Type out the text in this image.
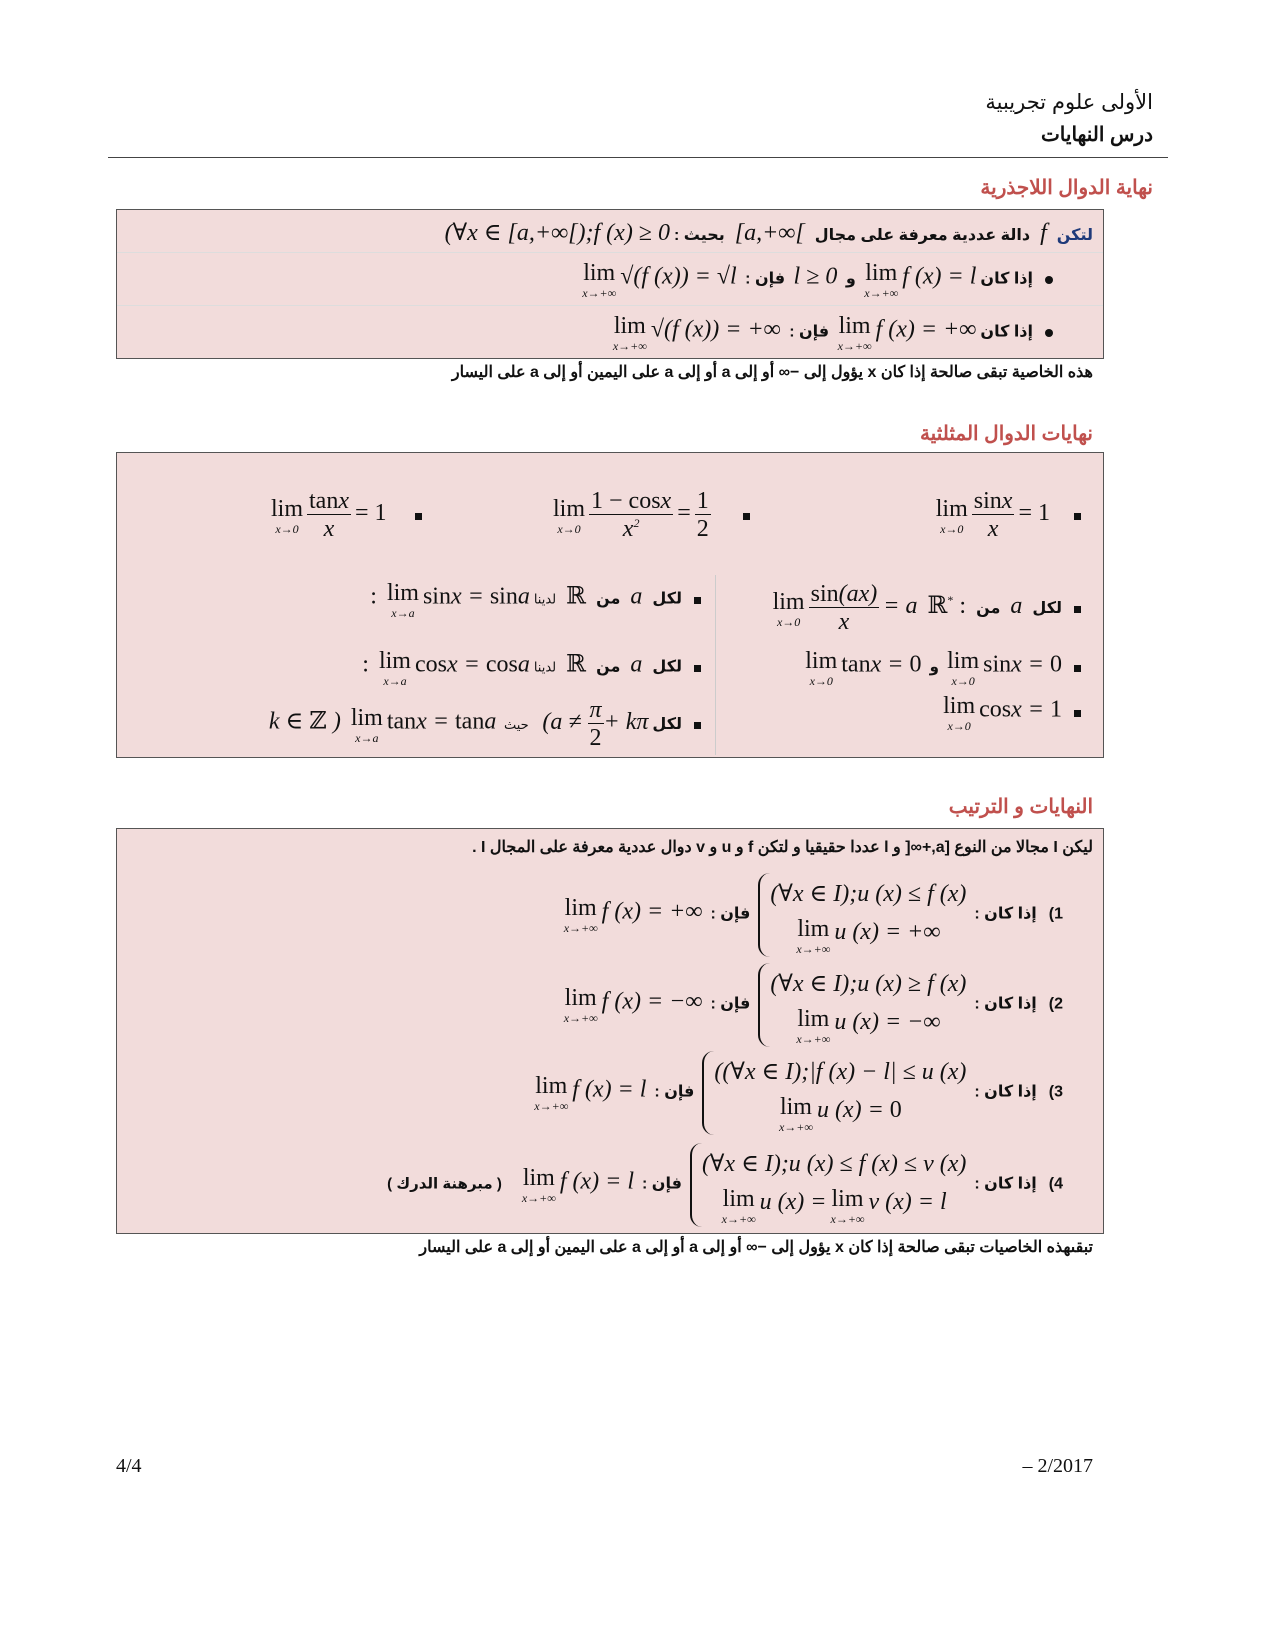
الأولى علوم تجريبية
درس النهايات
نهاية الدوال اللاجذرية
لتكن  f  دالة عددية معرفة على مجال  [a,+∞[  بحيث :  (∀x ∈ [a,+∞[);f (x) ≥ 0
إذا كان
lim
x→+∞
f (x) = l  و  l ≥ 0  فإن :
lim
x→+∞
√(f (x)) = √l
إذا كان
lim
x→+∞
f (x) = +∞  فإن :
lim
x→+∞
√(f (x)) = +∞
هذه الخاصية تبقى صالحة إذا كان x يؤول إلى −∞ أو إلى a أو إلى a على اليمين أو إلى a على اليسار
نهايات الدوال المثلثية
lim
x→0
$\frac{\sin x}{x} = 1$
lim
x→0
$\frac{1 - \cos x}{x^2} = \frac{1}{2}$

lim
x→0
$\frac{\tan x}{x} = 1$
لكل  a  من  ℝ* :
lim
x→0
$\frac{\sin(ax)}{x} = a$

lim
x→0
sinx = 0  و
lim
x→0
tanx = 0

lim
x→0
cosx = 1
لكل  a  من  ℝ  لدينا : lim
x→a
sinx = sina
لكل  a  من  ℝ  لدينا : lim
x→a
cosx = cosa
لكل  ($a \ne \frac{\pi}{2} + k\pi$  حيث  k ∈ ℤ ) lim
x→a
tanx = tana
النهايات و الترتيب
ليكن I مجالا من النوع [a,+∞[ و l عددا حقيقيا و لتكن f و u و v دوال عددية معرفة على المجال I .
1)   إذا كان :  (∀x ∈ I);u (x) ≤ f (x)

lim
x→+∞
u (x) = +∞  فإن :
lim
x→+∞
f (x) = +∞
2)   إذا كان :  (∀x ∈ I);u (x) ≥ f (x)

lim
x→+∞
u (x) = −∞  فإن :
lim
x→+∞
f (x) = −∞
3)   إذا كان :  ((∀x ∈ I);|f (x) − l| ≤ u (x)

lim
x→+∞
u (x) = 0  فإن :
lim
x→+∞
f (x) = l
4)   إذا كان :  (∀x ∈ I);u (x) ≤ f (x) ≤ v (x)

lim
x→+∞
u (x) = lim
x→+∞
v (x) = l  فإن :
lim
x→+∞
f (x) = l     ( مبرهنة الدرك )
تبقىهذه الخاصيات تبقى صالحة إذا كان x يؤول إلى −∞ أو إلى a أو إلى a على اليمين أو إلى a على اليسار
4/4	– 2/2017
